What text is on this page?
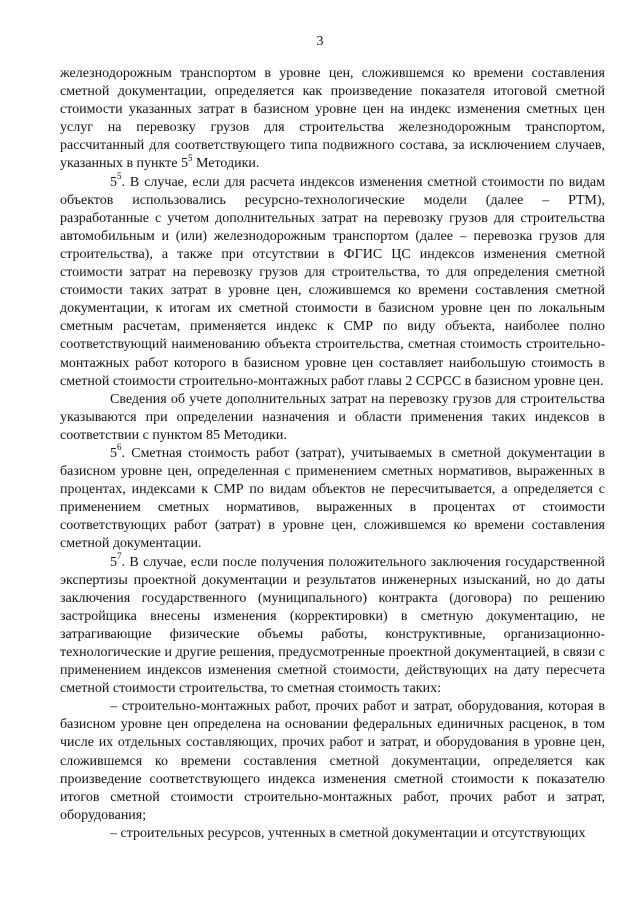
3

железнодорожным транспортом в уровне цен, сложившемся ко времени составления сметной документации, определяется как произведение показателя итоговой сметной стоимости указанных затрат в базисном уровне цен на индекс изменения сметных цен услуг на перевозку грузов для строительства железнодорожным транспортом, рассчитанный для соответствующего типа подвижного состава, за исключением случаев, указанных в пункте $5^5$ Методики.

$5^5$. В случае, если для расчета индексов изменения сметной стоимости по видам объектов использовались ресурсно-технологические модели (далее – РТМ), разработанные с учетом дополнительных затрат на перевозку грузов для строительства автомобильным и (или) железнодорожным транспортом (далее – перевозка грузов для строительства), а также при отсутствии в ФГИС ЦС индексов изменения сметной стоимости затрат на перевозку грузов для строительства, то для определения сметной стоимости таких затрат в уровне цен, сложившемся ко времени составления сметной документации, к итогам их сметной стоимости в базисном уровне цен по локальным сметным расчетам, применяется индекс к СМР по виду объекта, наиболее полно соответствующий наименованию объекта строительства, сметная стоимость строительно-монтажных работ которого в базисном уровне цен составляет наибольшую стоимость в сметной стоимости строительно-монтажных работ главы 2 ССРСС в базисном уровне цен.

Сведения об учете дополнительных затрат на перевозку грузов для строительства указываются при определении назначения и области применения таких индексов в соответствии с пунктом 85 Методики.

$5^6$. Сметная стоимость работ (затрат), учитываемых в сметной документации в базисном уровне цен, определенная с применением сметных нормативов, выраженных в процентах, индексами к СМР по видам объектов не пересчитывается, а определяется с применением сметных нормативов, выраженных в процентах от стоимости соответствующих работ (затрат) в уровне цен, сложившемся ко времени составления сметной документации.

$5^7$. В случае, если после получения положительного заключения государственной экспертизы проектной документации и результатов инженерных изысканий, но до даты заключения государственного (муниципального) контракта (договора) по решению застройщика внесены изменения (корректировки) в сметную документацию, не затрагивающие физические объемы работы, конструктивные, организационно-технологические и другие решения, предусмотренные проектной документацией, в связи с применением индексов изменения сметной стоимости, действующих на дату пересчета сметной стоимости строительства, то сметная стоимость таких:

– строительно-монтажных работ, прочих работ и затрат, оборудования, которая в базисном уровне цен определена на основании федеральных единичных расценок, в том числе их отдельных составляющих, прочих работ и затрат, и оборудования в уровне цен, сложившемся ко времени составления сметной документации, определяется как произведение соответствующего индекса изменения сметной стоимости к показателю итогов сметной стоимости строительно-монтажных работ, прочих работ и затрат, оборудования;

– строительных ресурсов, учтенных в сметной документации и отсутствующих
